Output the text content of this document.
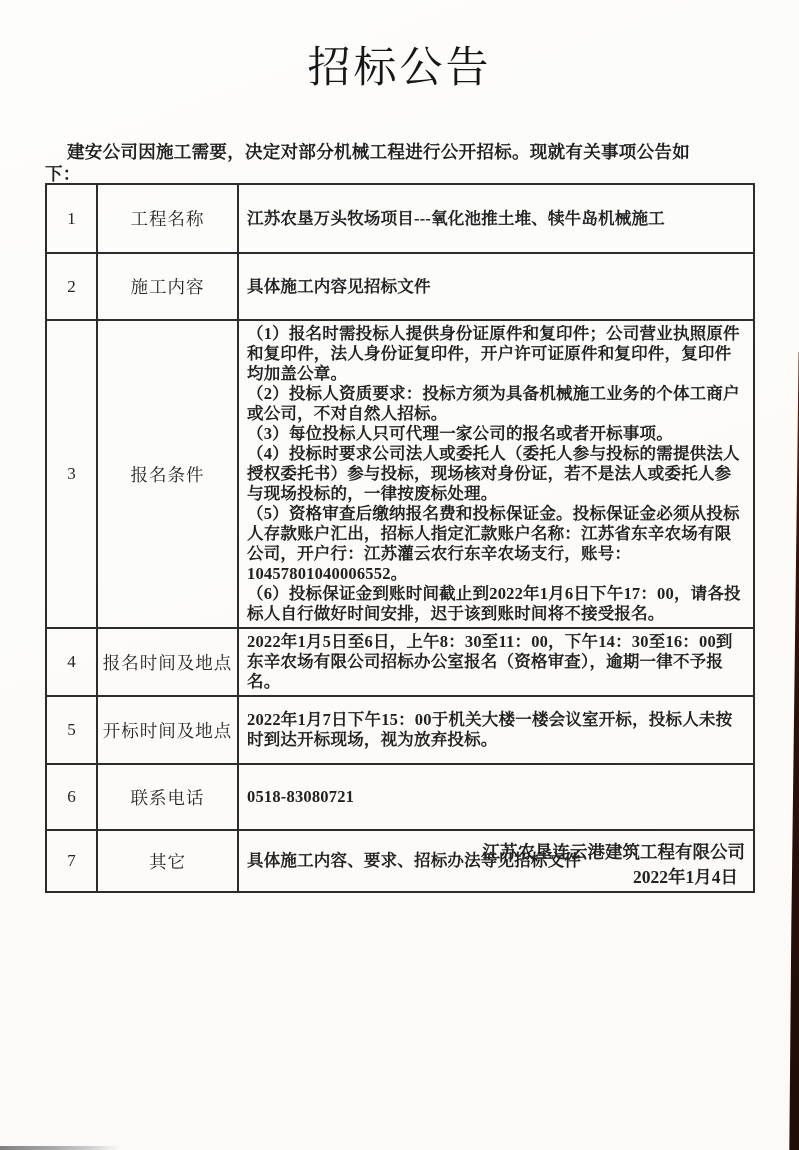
招标公告

建安公司因施工需要，决定对部分机械工程进行公开招标。现就有关事项公告如下：

1	工程名称	江苏农垦万头牧场项目---氧化池推土堆、犊牛岛机械施工

2	施工内容	具体施工内容见招标文件

3	报名条件	

（1）报名时需投标人提供身份证原件和复印件；公司营业执照原件和复印件，法人身份证复印件，开户许可证原件和复印件，复印件均加盖公章。

（2）投标人资质要求：投标方须为具备机械施工业务的个体工商户或公司，不对自然人招标。

（3）每位投标人只可代理一家公司的报名或者开标事项。

（4）投标时要求公司法人或委托人（委托人参与投标的需提供法人授权委托书）参与投标，现场核对身份证，若不是法人或委托人参与现场投标的，一律按废标处理。

（5）资格审查后缴纳报名费和投标保证金。投标保证金必须从投标人存款账户汇出，招标人指定汇款账户名称：江苏省东辛农场有限公司，开户行：江苏灌云农行东辛农场支行，账号：10457801040006552。

（6）投标保证金到账时间截止到2022年1月6日下午17：00，请各投标人自行做好时间安排，迟于该到账时间将不接受报名。

4	报名时间及地点	2022年1月5日至6日，上午8：30至11：00，下午14：30至16：00到东辛农场有限公司招标办公室报名（资格审查），逾期一律不予报名。

5	开标时间及地点	2022年1月7日下午15：00于机关大楼一楼会议室开标，投标人未按时到达开标现场，视为放弃投标。

6	联系电话	0518-83080721

7	其它	具体施工内容、要求、招标办法等见招标文件

江苏农垦连云港建筑工程有限公司
2022年1月4日
